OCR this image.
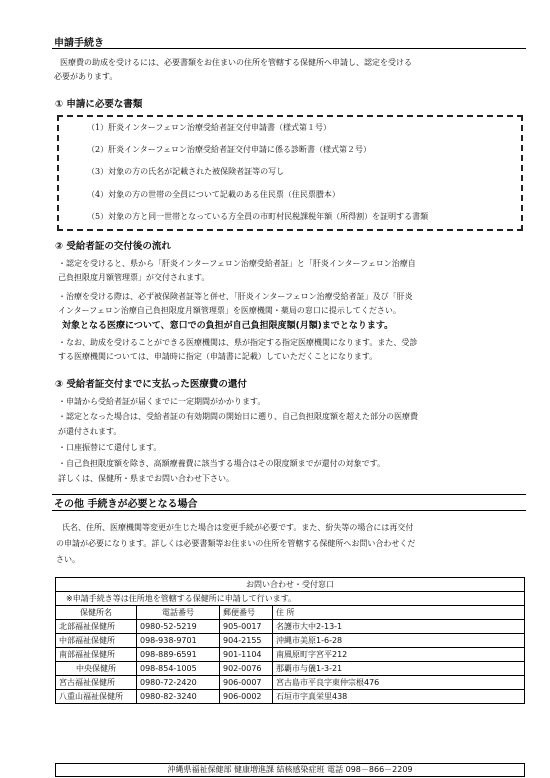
申請手続き
医療費の助成を受けるには、必要書類をお住まいの住所を管轄する保健所へ申請し、認定を受ける
必要があります。
① 申請に必要な書類
（1）肝炎インターフェロン治療受給者証交付申請書（様式第１号）
（2）肝炎インターフェロン治療受給者証交付申請に係る診断書（様式第２号）
（3）対象の方の氏名が記載された被保険者証等の写し
（4）対象の方の世帯の全員について記載のある住民票（住民票謄本）
（5）対象の方と同一世帯となっている方全員の市町村民税課税年額（所得割）を証明する書類
② 受給者証の交付後の流れ
・認定を受けると、県から「肝炎インターフェロン治療受給者証」と「肝炎インターフェロン治療自
己負担限度月額管理票」が交付されます。
・治療を受ける際は、必ず被保険者証等と併せ、「肝炎インターフェロン治療受給者証」及び「肝炎
インターフェロン治療自己負担限度月額管理票」を医療機関・薬局の窓口に提示してください。
対象となる医療について、窓口での負担が自己負担限度額(月額)までとなります。
・なお、助成を受けることができる医療機関は、県が指定する指定医療機関になります。また、受診
する医療機関については、申請時に指定（申請書に記載）していただくことになります。
③ 受給者証交付までに支払った医療費の還付
・申請から受給者証が届くまでに一定期間がかかります。
・認定となった場合は、受給者証の有効期間の開始日に遡り、自己負担限度額を超えた部分の医療費
が還付されます。
・口座振替にて還付します。
・自己負担限度額を除き、高額療養費に該当する場合はその限度額までが還付の対象です。
詳しくは、保健所・県までお問い合わせ下さい。
その他 手続きが必要となる場合
氏名、住所、医療機関等変更が生じた場合は変更手続が必要です。また、紛失等の場合には再交付
の申請が必要になります。詳しくは必要書類等お住まいの住所を管轄する保健所へお問い合わせくだ
さい。
お問い合わせ・受付窓口			
※申請手続き等は住所地を管轄する保健所に申請して行います。			
保健所名	電話番号	郵便番号	住 所
北部福祉保健所	0980-52-5219	905-0017	名護市大中2-13-1
中部福祉保健所	098-938-9701	904-2155	沖縄市美原1-6-28
南部福祉保健所	098-889-6591	901-1104	南風原町字宮平212
中央保健所	098-854-1005	902-0076	那覇市与儀1-3-21
宮古福祉保健所	0980-72-2420	906-0007	宮古島市平良字東仲宗根476
八重山福祉保健所	0980-82-3240	906-0002	石垣市字真栄里438
沖縄県福祉保健部 健康増進課 結核感染症班 電話 098－866－2209
